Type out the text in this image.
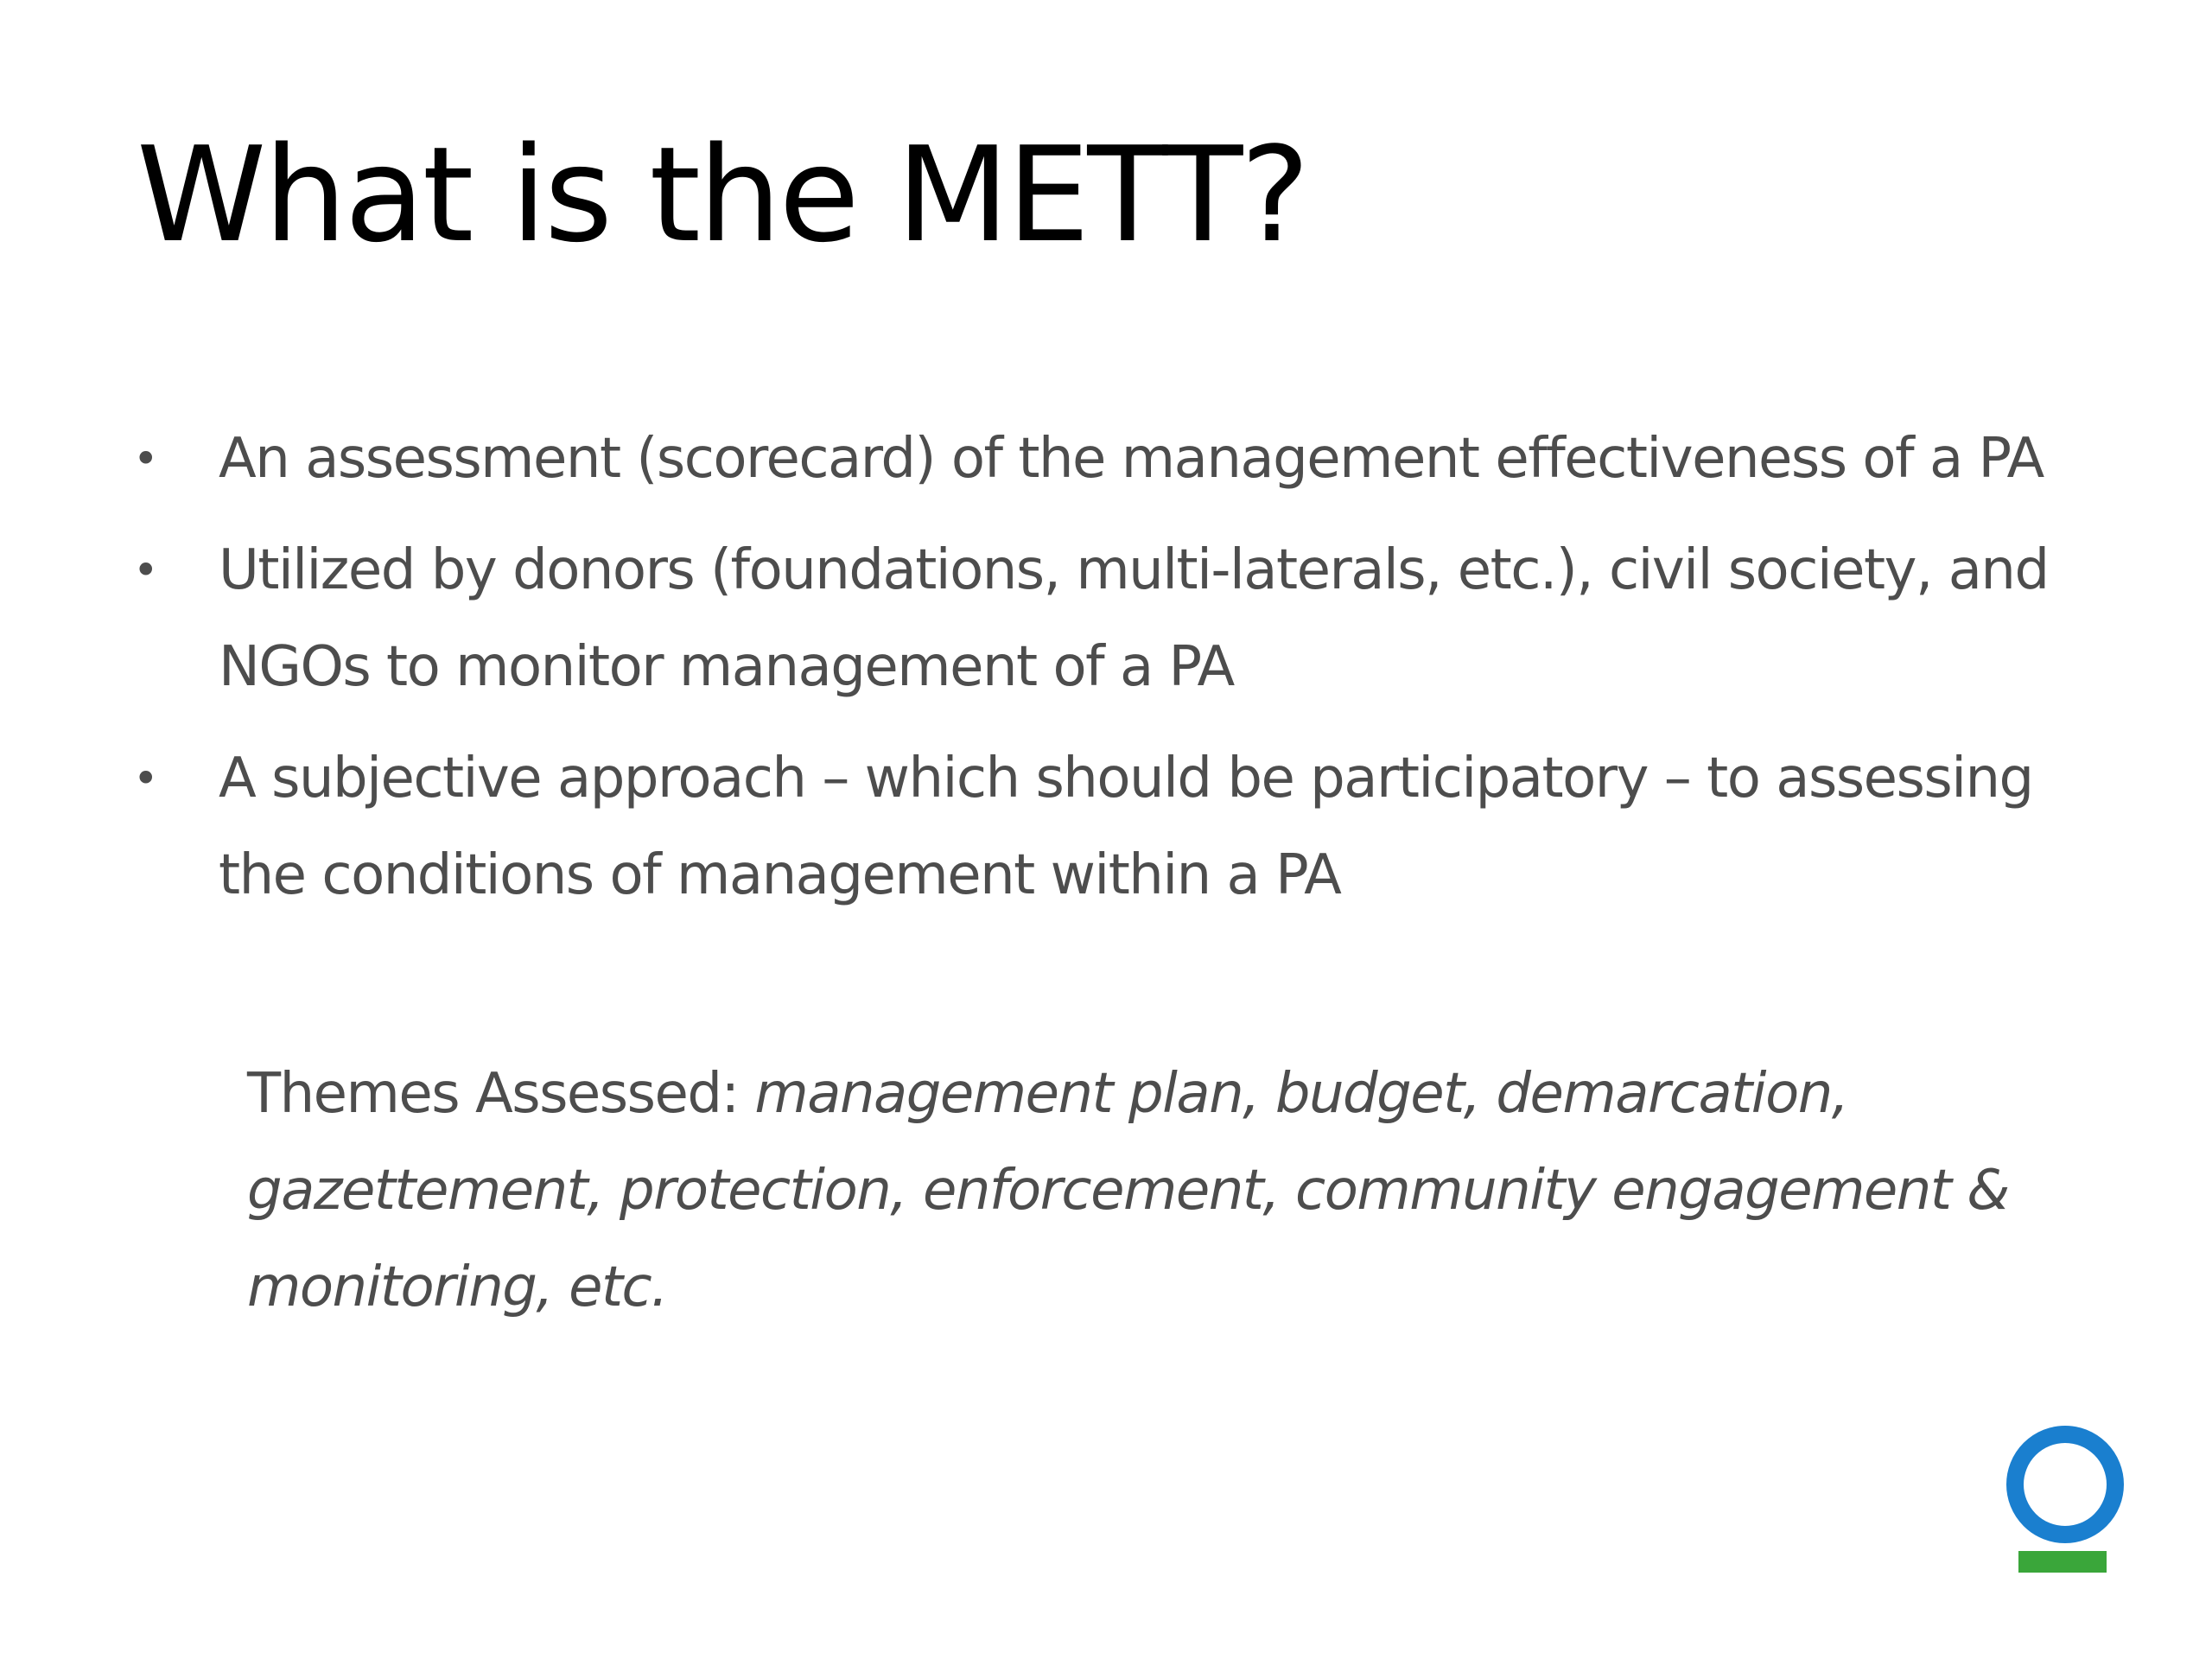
What is the METT?
• An assessment (scorecard) of the management effectiveness of a PA
• Utilized by donors (foundations, multi-laterals, etc.), civil society, and NGOs to monitor management of a PA
• A subjective approach – which should be participatory – to assessing the conditions of management within a PA

Themes Assessed: management plan, budget, demarcation, gazettement, protection, enforcement, community engagement & monitoring, etc.
